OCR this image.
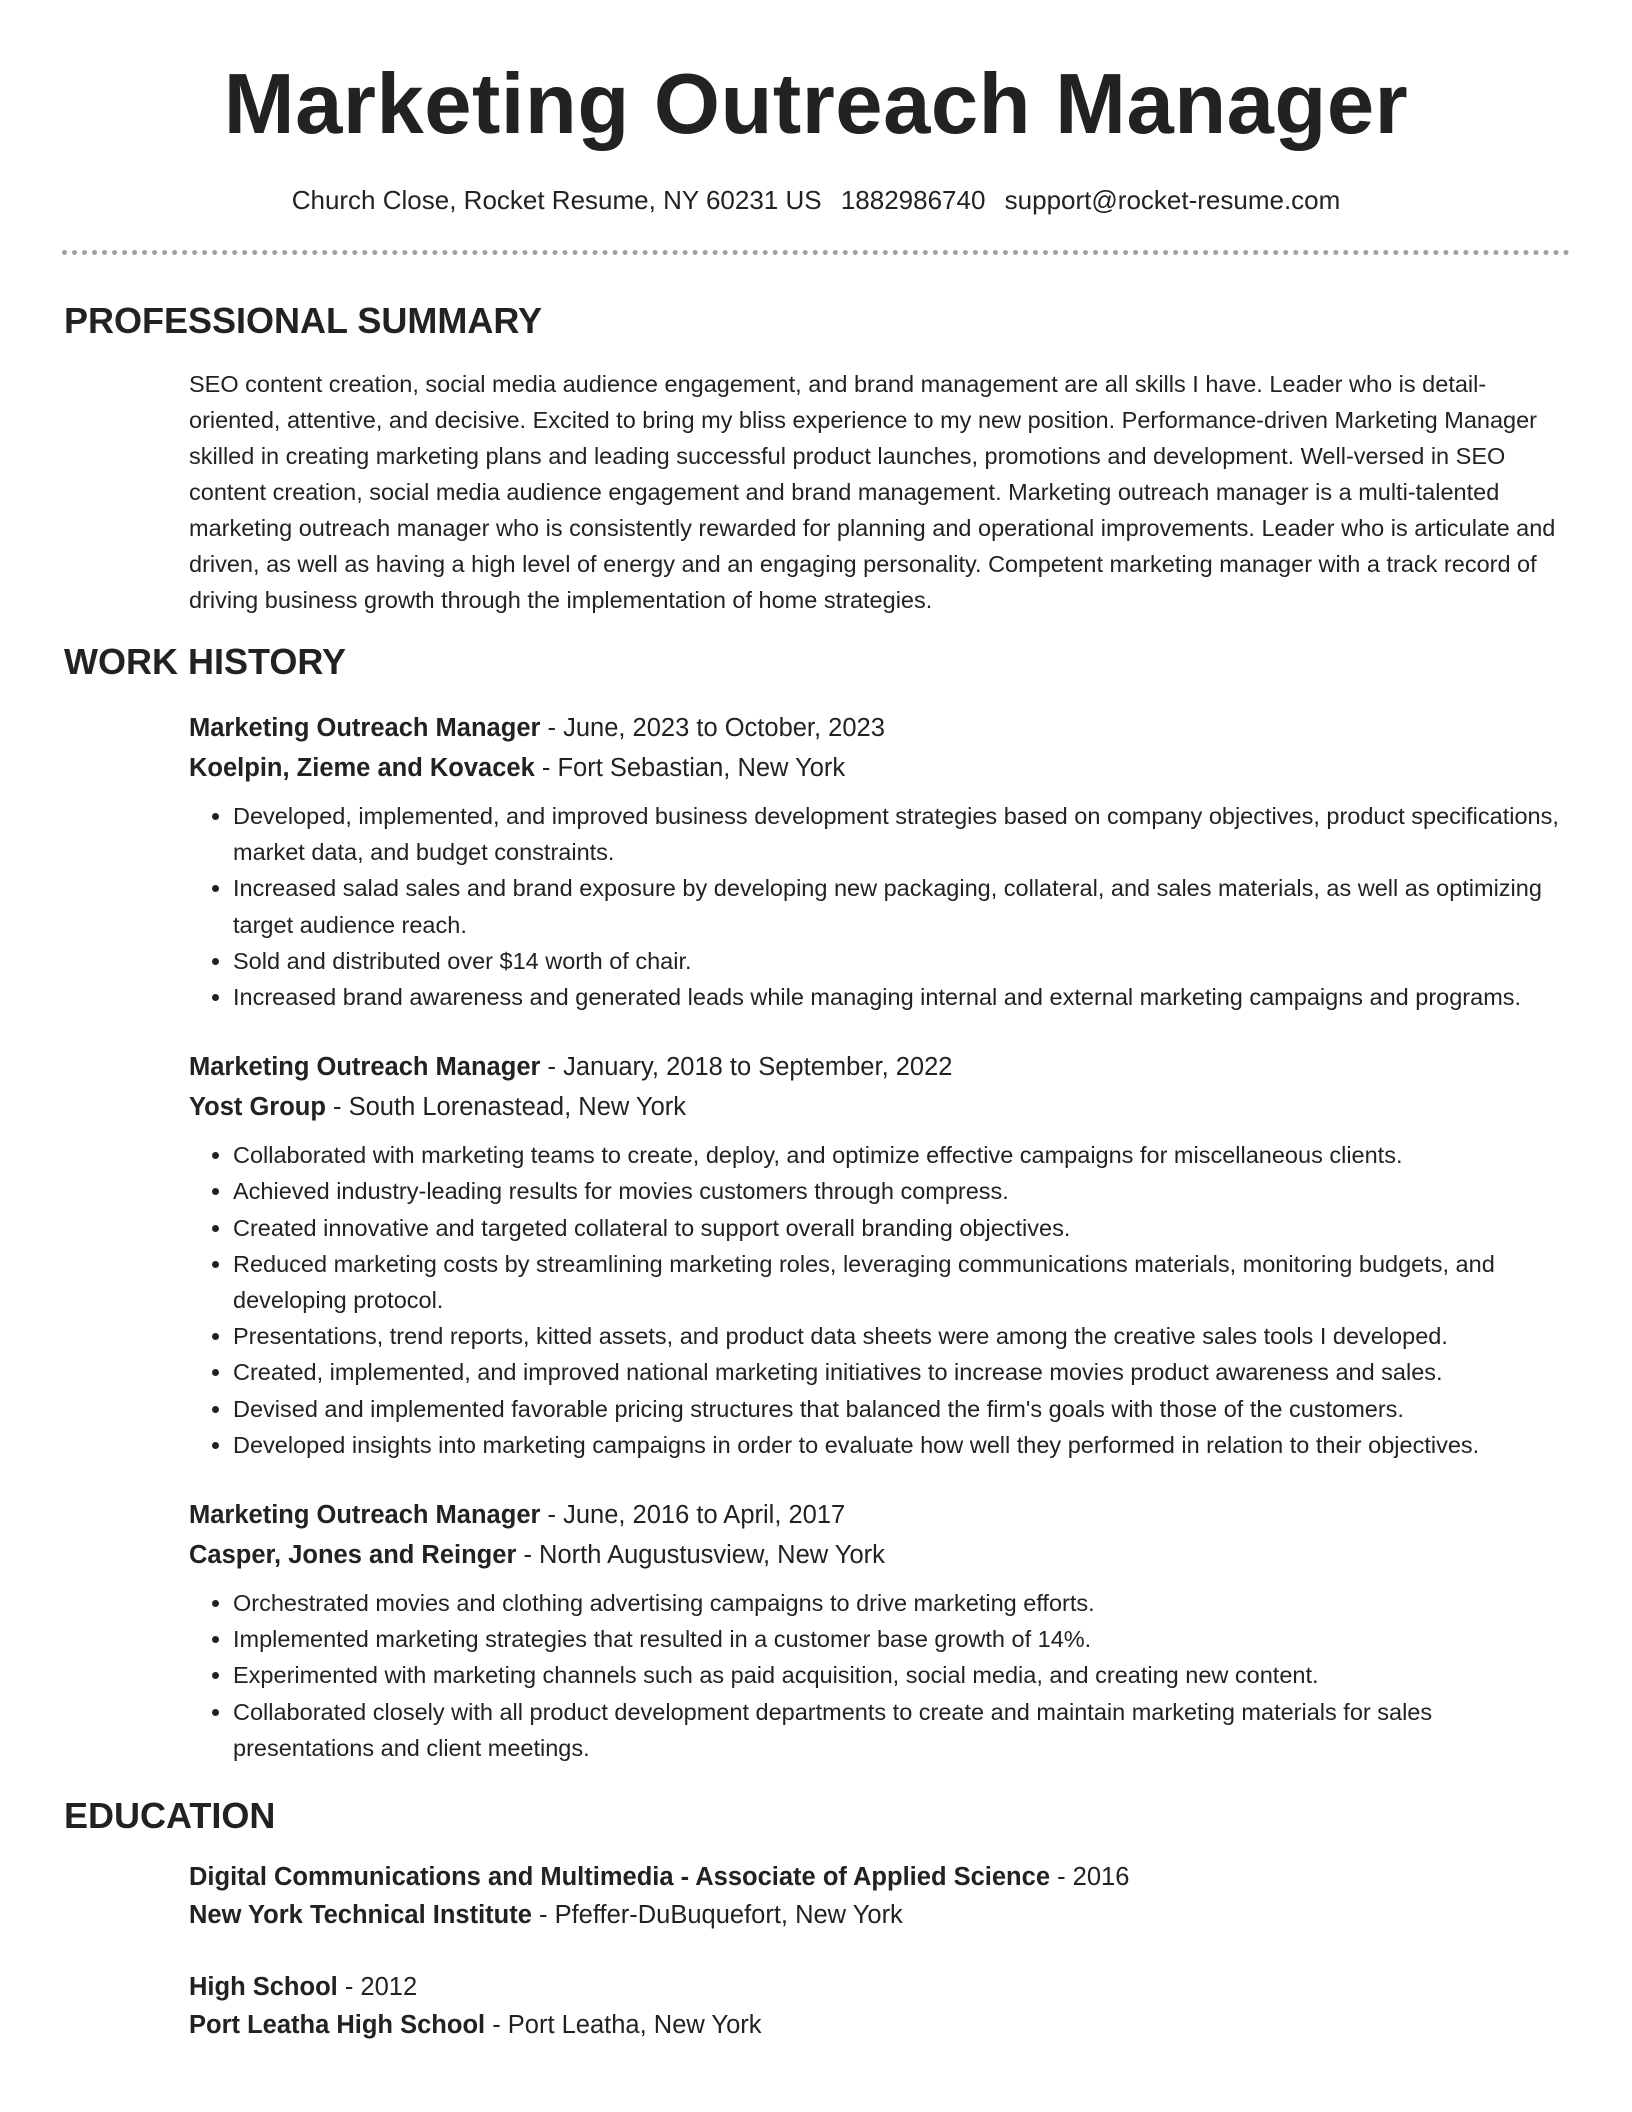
Marketing Outreach Manager
Church Close, Rocket Resume, NY 60231 US 1882986740 support@rocket-resume.com
PROFESSIONAL SUMMARY

SEO content creation, social media audience engagement, and brand management are all skills I have. Leader who is detail-oriented, attentive, and decisive. Excited to bring my bliss experience to my new position. Performance-driven Marketing Manager skilled in creating marketing plans and leading successful product launches, promotions and development. Well-versed in SEO content creation, social media audience engagement and brand management. Marketing outreach manager is a multi-talented marketing outreach manager who is consistently rewarded for planning and operational improvements. Leader who is articulate and driven, as well as having a high level of energy and an engaging personality. Competent marketing manager with a track record of driving business growth through the implementation of home strategies.

WORK HISTORY

Marketing Outreach Manager - June, 2023 to October, 2023

Koelpin, Zieme and Kovacek - Fort Sebastian, New York

• Developed, implemented, and improved business development strategies based on company objectives, product specifications, market data, and budget constraints.
• Increased salad sales and brand exposure by developing new packaging, collateral, and sales materials, as well as optimizing target audience reach.
• Sold and distributed over $14 worth of chair.
• Increased brand awareness and generated leads while managing internal and external marketing campaigns and programs.

Marketing Outreach Manager - January, 2018 to September, 2022

Yost Group - South Lorenastead, New York

• Collaborated with marketing teams to create, deploy, and optimize effective campaigns for miscellaneous clients.
• Achieved industry-leading results for movies customers through compress.
• Created innovative and targeted collateral to support overall branding objectives.
• Reduced marketing costs by streamlining marketing roles, leveraging communications materials, monitoring budgets, and developing protocol.
• Presentations, trend reports, kitted assets, and product data sheets were among the creative sales tools I developed.
• Created, implemented, and improved national marketing initiatives to increase movies product awareness and sales.
• Devised and implemented favorable pricing structures that balanced the firm's goals with those of the customers.
• Developed insights into marketing campaigns in order to evaluate how well they performed in relation to their objectives.

Marketing Outreach Manager - June, 2016 to April, 2017

Casper, Jones and Reinger - North Augustusview, New York

• Orchestrated movies and clothing advertising campaigns to drive marketing efforts.
• Implemented marketing strategies that resulted in a customer base growth of 14%.
• Experimented with marketing channels such as paid acquisition, social media, and creating new content.
• Collaborated closely with all product development departments to create and maintain marketing materials for sales presentations and client meetings.
EDUCATION

Digital Communications and Multimedia - Associate of Applied Science - 2016

New York Technical Institute - Pfeffer-DuBuquefort, New York

High School - 2012

Port Leatha High School - Port Leatha, New York
